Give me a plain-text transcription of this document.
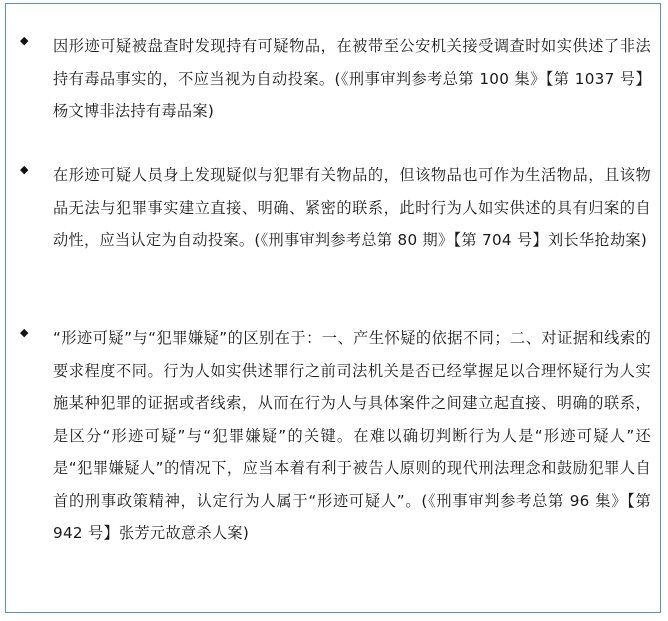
◆ 因形迹可疑被盘查时发现持有可疑物品，在被带至公安机关接受调查时如实供述了非法持有毒品事实的，不应当视为自动投案。(《刑事审判参考总第 100 集》【第 1037 号】杨文博非法持有毒品案)

◆ 在形迹可疑人员身上发现疑似与犯罪有关物品的，但该物品也可作为生活物品，且该物品无法与犯罪事实建立直接、明确、紧密的联系，此时行为人如实供述的具有归案的自动性，应当认定为自动投案。(《刑事审判参考总第 80 期》【第 704 号】刘长华抢劫案)

◆ “形迹可疑”与“犯罪嫌疑”的区别在于：一、产生怀疑的依据不同；二、对证据和线索的要求程度不同。行为人如实供述罪行之前司法机关是否已经掌握足以合理怀疑行为人实施某种犯罪的证据或者线索，从而在行为人与具体案件之间建立起直接、明确的联系，是区分“形迹可疑”与“犯罪嫌疑”的关键。在难以确切判断行为人是“形迹可疑人”还是“犯罪嫌疑人”的情况下，应当本着有利于被告人原则的现代刑法理念和鼓励犯罪人自首的刑事政策精神，认定行为人属于“形迹可疑人”。(《刑事审判参考总第 96 集》【第 942 号】张芳元故意杀人案)
